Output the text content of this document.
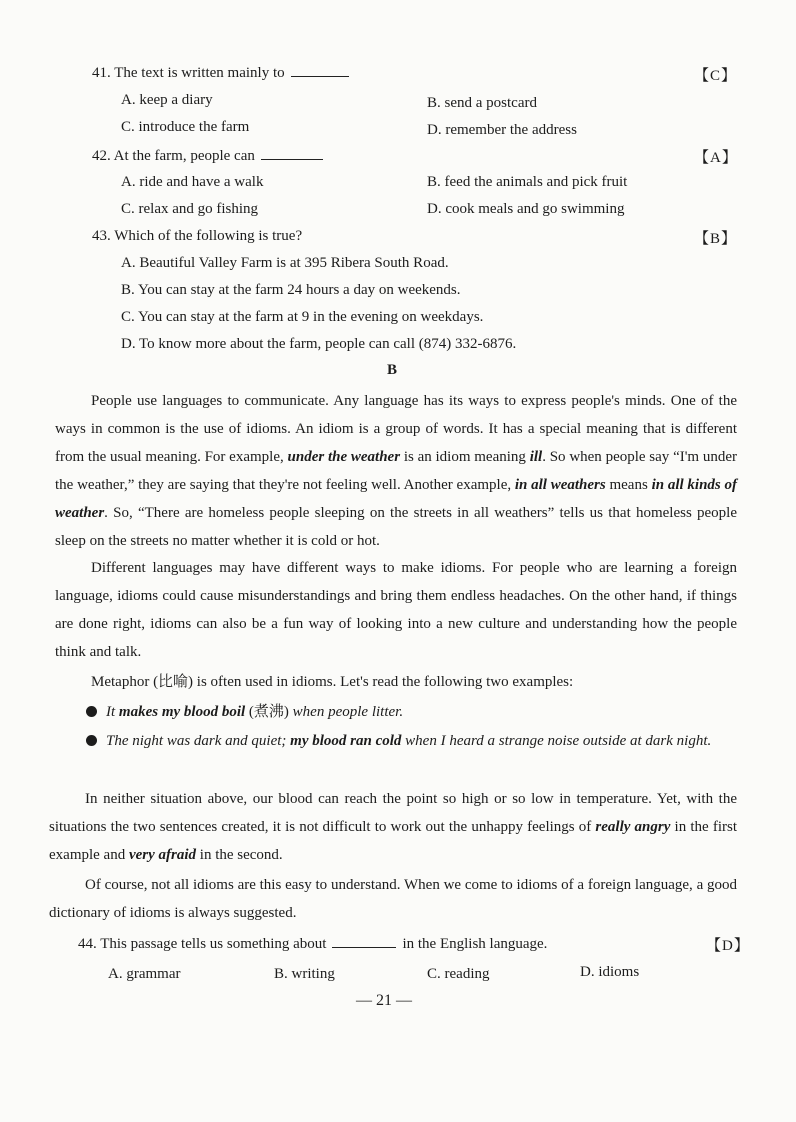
41. The text is written mainly to	【C】
A. keep a diary	B. send a postcard
C. introduce the farm	D. remember the address
42. At the farm, people can	【A】
A. ride and have a walk	B. feed the animals and pick fruit
C. relax and go fishing	D. cook meals and go swimming
43. Which of the following is true?	【B】
A. Beautiful Valley Farm is at 395 Ribera South Road.
B. You can stay at the farm 24 hours a day on weekends.
C. You can stay at the farm at 9 in the evening on weekdays.
D. To know more about the farm, people can call (874) 332-6876.
B
People use languages to communicate. Any language has its ways to express people's minds. One of the ways in common is the use of idioms. An idiom is a group of words. It has a special meaning that is different from the usual meaning. For example, under the weather is an idiom meaning ill. So when people say “I'm under the weather,” they are saying that they're not feeling well. Another example, in all weathers means in all kinds of weather. So, “There are homeless people sleeping on the streets in all weathers” tells us that homeless people sleep on the streets no matter whether it is cold or hot.
Different languages may have different ways to make idioms. For people who are learning a foreign language, idioms could cause misunderstandings and bring them endless headaches. On the other hand, if things are done right, idioms can also be a fun way of looking into a new culture and understanding how the people think and talk.
Metaphor (比喻) is often used in idioms. Let's read the following two examples:
It makes my blood boil (煮沸) when people litter.
The night was dark and quiet; my blood ran cold when I heard a strange noise outside at dark night.
In neither situation above, our blood can reach the point so high or so low in temperature. Yet, with the situations the two sentences created, it is not difficult to work out the unhappy feelings of really angry in the first example and very afraid in the second.
Of course, not all idioms are this easy to understand. When we come to idioms of a foreign language, a good dictionary of idioms is always suggested.
44. This passage tells us something about	in the English language.	【D】
A. grammar	B. writing	C. reading	D. idioms
— 21 —
